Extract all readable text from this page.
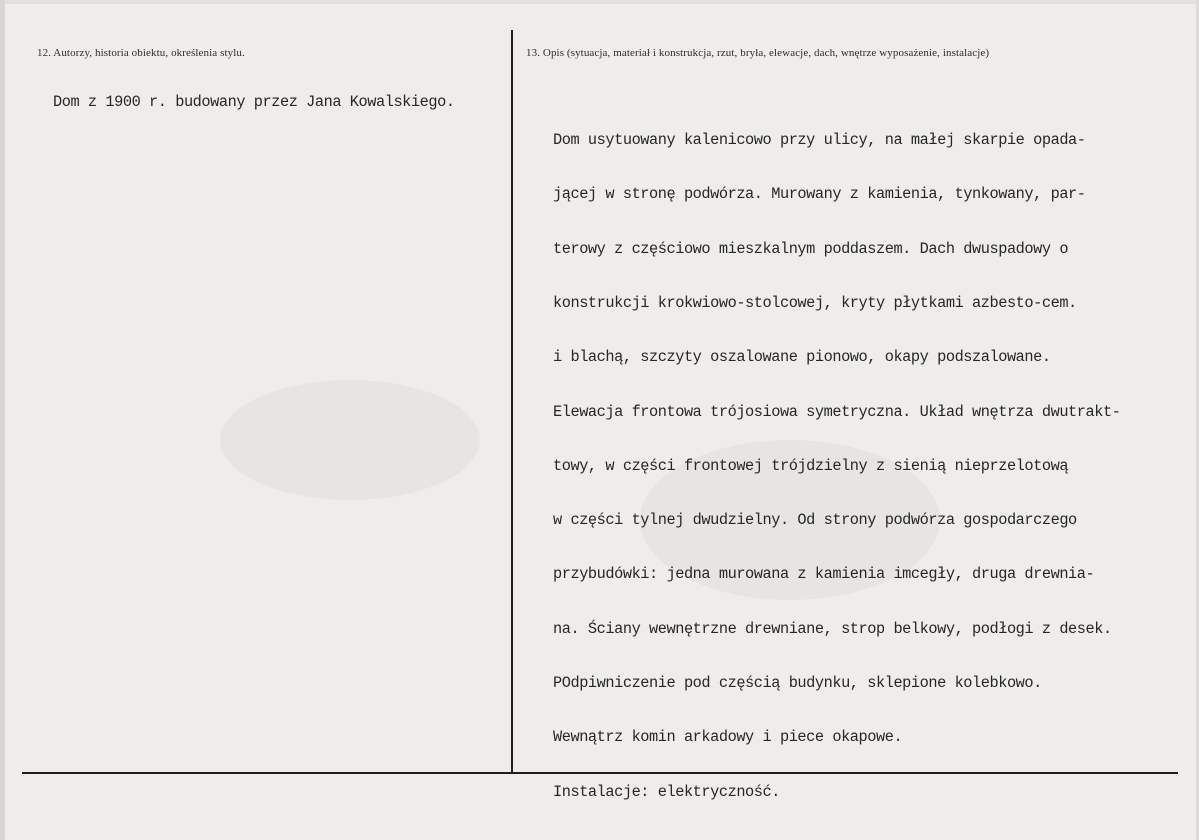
12. Autorzy, historia obiektu, określenia stylu.	13. Opis (sytuacja, materiał i konstrukcja, rzut, bryła, elewacje, dach, wnętrze wyposażenie, instalacje)
Dom z 1900 r. budowany przez Jana Kowalskiego.

Dom usytuowany kalenicowo przy ulicy, na małej skarpie opada-

jącej w stronę podwórza. Murowany z kamienia, tynkowany, par-

terowy z częściowo mieszkalnym poddaszem. Dach dwuspadowy o

konstrukcji krokwiowo-stolcowej, kryty płytkami azbesto-cem.

i blachą, szczyty oszalowane pionowo, okapy podszalowane.

Elewacja frontowa trójosiowa symetryczna. Układ wnętrza dwutrakt-

towy, w części frontowej trójdzielny z sienią nieprzelotową

w części tylnej dwudzielny. Od strony podwórza gospodarczego

przybudówki: jedna murowana z kamienia imcegły, druga drewnia-

na. Ściany wewnętrzne drewniane, strop belkowy, podłogi z desek.

POdpiwniczenie pod częścią budynku, sklepione kolebkowo.

Wewnątrz komin arkadowy i piece okapowe.

Instalacje: elektryczność.
